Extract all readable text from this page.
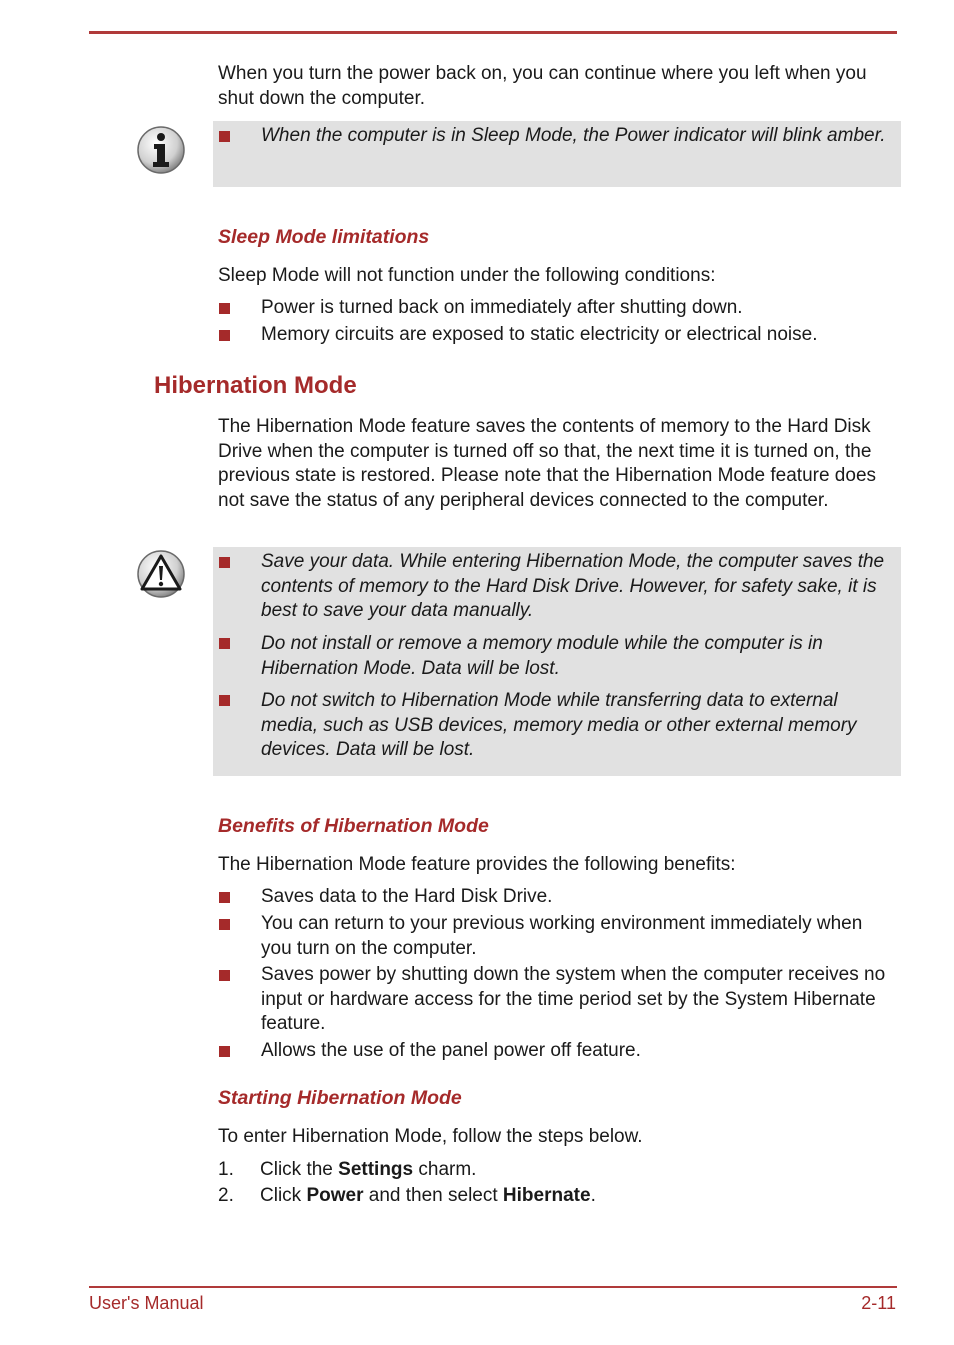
When you turn the power back on, you can continue where you left when you shut down the computer.

When the computer is in Sleep Mode, the Power indicator will blink amber.

Sleep Mode limitations

Sleep Mode will not function under the following conditions:

Power is turned back on immediately after shutting down.

Memory circuits are exposed to static electricity or electrical noise.

Hibernation Mode

The Hibernation Mode feature saves the contents of memory to the Hard Disk Drive when the computer is turned off so that, the next time it is turned on, the previous state is restored. Please note that the Hibernation Mode feature does not save the status of any peripheral devices connected to the computer.

Save your data. While entering Hibernation Mode, the computer saves the contents of memory to the Hard Disk Drive. However, for safety sake, it is best to save your data manually.

Do not install or remove a memory module while the computer is in Hibernation Mode. Data will be lost.

Do not switch to Hibernation Mode while transferring data to external media, such as USB devices, memory media or other external memory devices. Data will be lost.

Benefits of Hibernation Mode

The Hibernation Mode feature provides the following benefits:

Saves data to the Hard Disk Drive.

You can return to your previous working environment immediately when you turn on the computer.

Saves power by shutting down the system when the computer receives no input or hardware access for the time period set by the System Hibernate feature.

Allows the use of the panel power off feature.

Starting Hibernation Mode

To enter Hibernation Mode, follow the steps below.

1. Click the Settings charm.
2. Click Power and then select Hibernate.
User's Manual	2-11
